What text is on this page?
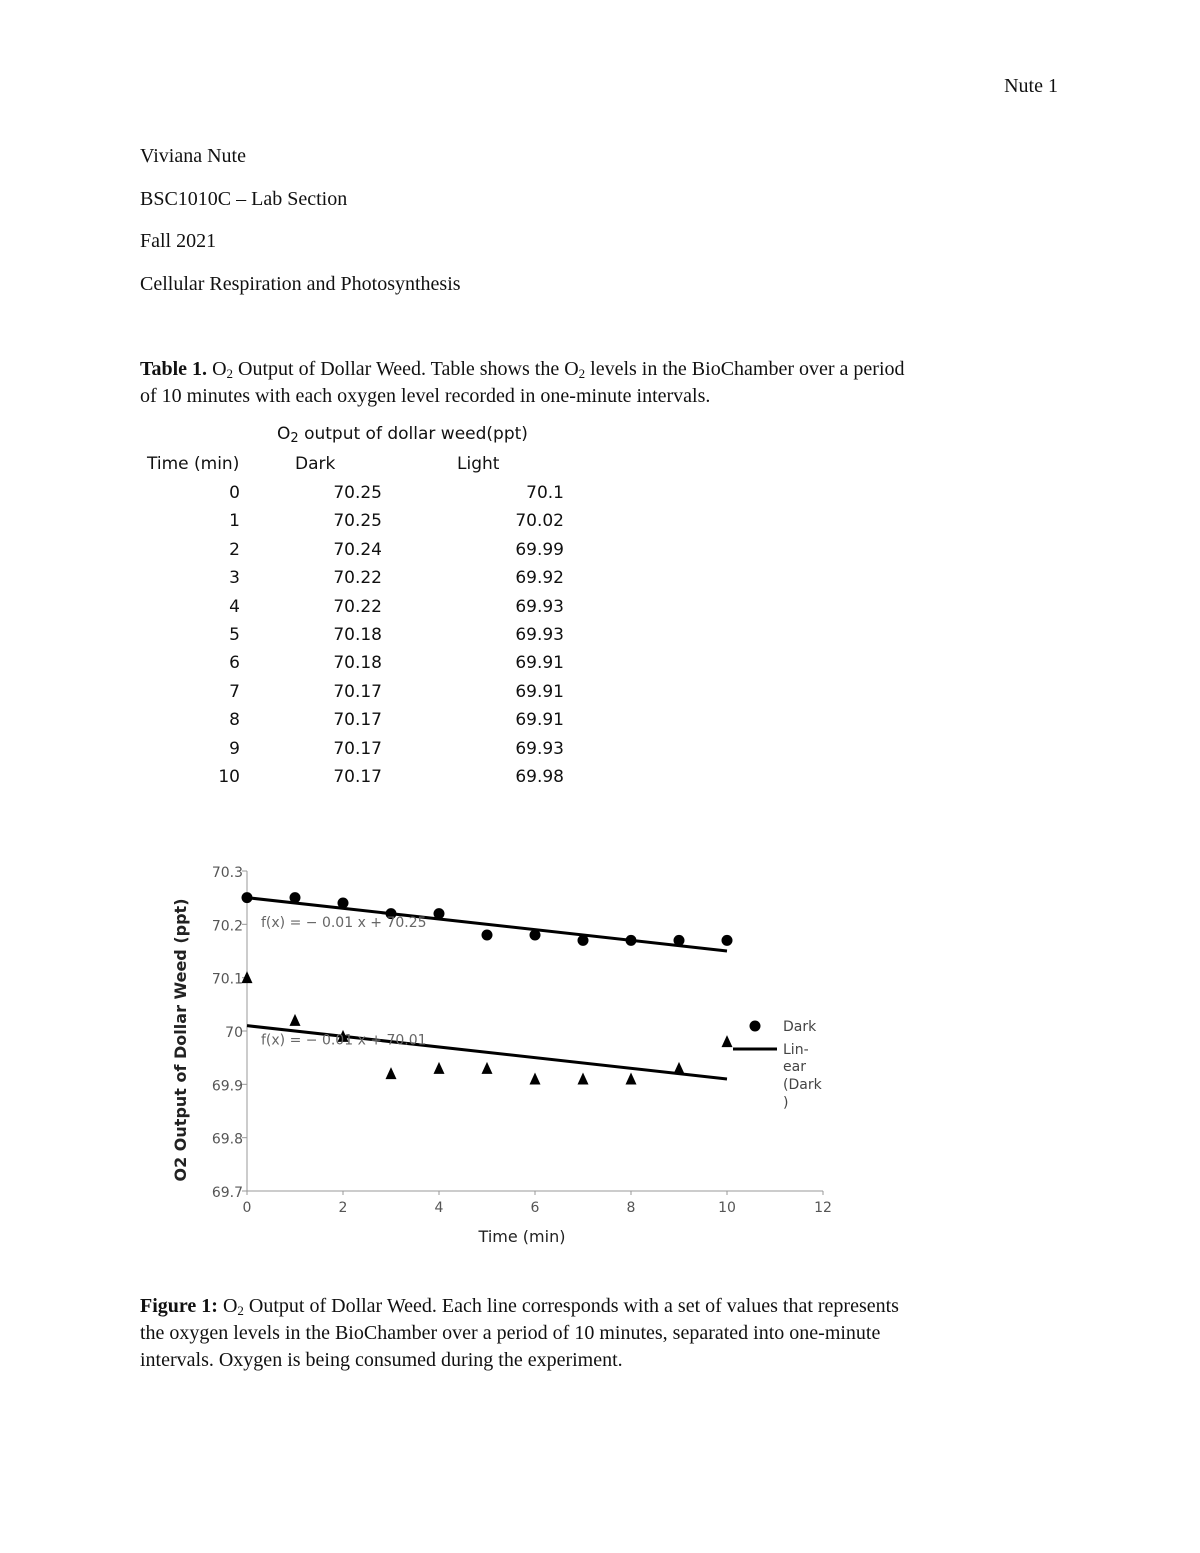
Nute 1
Viviana Nute
BSC1010C – Lab Section
Fall 2021
Cellular Respiration and Photosynthesis
Table 1. $O_2$ Output of Dollar Weed. Table shows the $O_2$ levels in the BioChamber over a period
of 10 minutes with each oxygen level recorded in one-minute intervals.
$O_2$ output of dollar weed(ppt)
Time (min)	Dark	Light
0	70.25	70.1
1	70.25	70.02
2	70.24	69.99
3	70.22	69.92
4	70.22	69.93
5	70.18	69.93
6	70.18	69.91
7	70.17	69.91
8	70.17	69.91
9	70.17	69.93
10	70.17	69.98
69.7
69.8
69.9
70
70.1
70.2
70.3
0	2	4	6	8	10	12
f(x) = − 0.01 x + 70.25
f(x) = − 0.01 x + 70.01
O2 Output of Dollar Weed (ppt)
Time (min)
Dark
Lin-
ear
(Dark
)
Figure 1: $O_2$ Output of Dollar Weed. Each line corresponds with a set of values that represents
the oxygen levels in the BioChamber over a period of 10 minutes, separated into one-minute
intervals. Oxygen is being consumed during the experiment.
